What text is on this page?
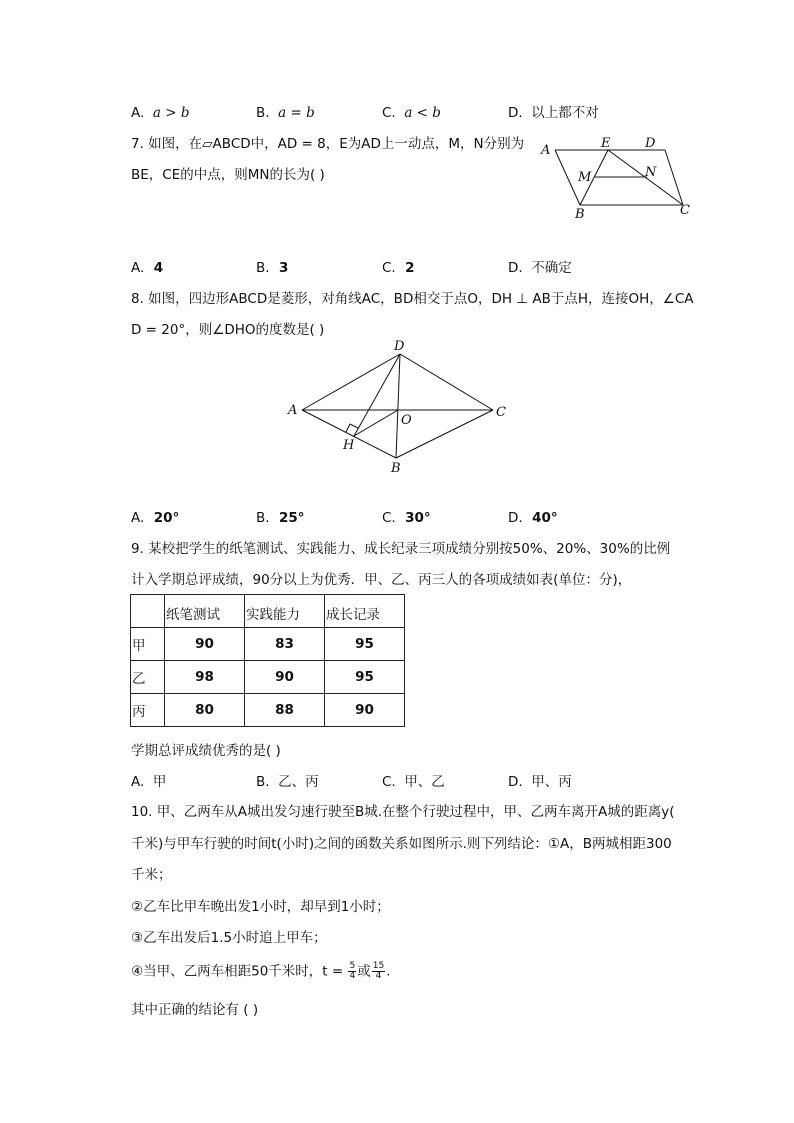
A. a > b	B. a = b	C. a < b	D. 以上都不对
7. 如图，在▱ABCD中，AD = 8，E为AD上一动点，M，N分别为
BE，CE的中点，则MN的长为( )
A	E	D
M	N
B	C
A. 4	B. 3	C. 2	D. 不确定
8. 如图，四边形ABCD是菱形，对角线AC，BD相交于点O，DH ⊥ AB于点H，连接OH，∠CA
D = 20°，则∠DHO的度数是( )
D
A
O
C
H
B
A. 20°	B. 25°	C. 30°	D. 40°
9. 某校把学生的纸笔测试、实践能力、成长纪录三项成绩分别按50%、20%、30%的比例
计入学期总评成绩，90分以上为优秀．甲、乙、丙三人的各项成绩如表(单位：分)，
	纸笔测试	实践能力	成长记录
甲	90	83	95
乙	98	90	95
丙	80	88	90
学期总评成绩优秀的是( )
A. 甲	B. 乙、丙	C. 甲、乙	D. 甲、丙
10. 甲、乙两车从A城出发匀速行驶至B城.在整个行驶过程中，甲、乙两车离开A城的距离y(
千米)与甲车行驶的时间t(小时)之间的函数关系如图所示.则下列结论：①A，B两城相距300
千米；
②乙车比甲车晚出发1小时，却早到1小时；
③乙车出发后1.5小时追上甲车；
④当甲、乙两车相距50千米时，$t = \frac{5}{4}$ 或 $\frac{15}{4}$ .
其中正确的结论有 ( )
